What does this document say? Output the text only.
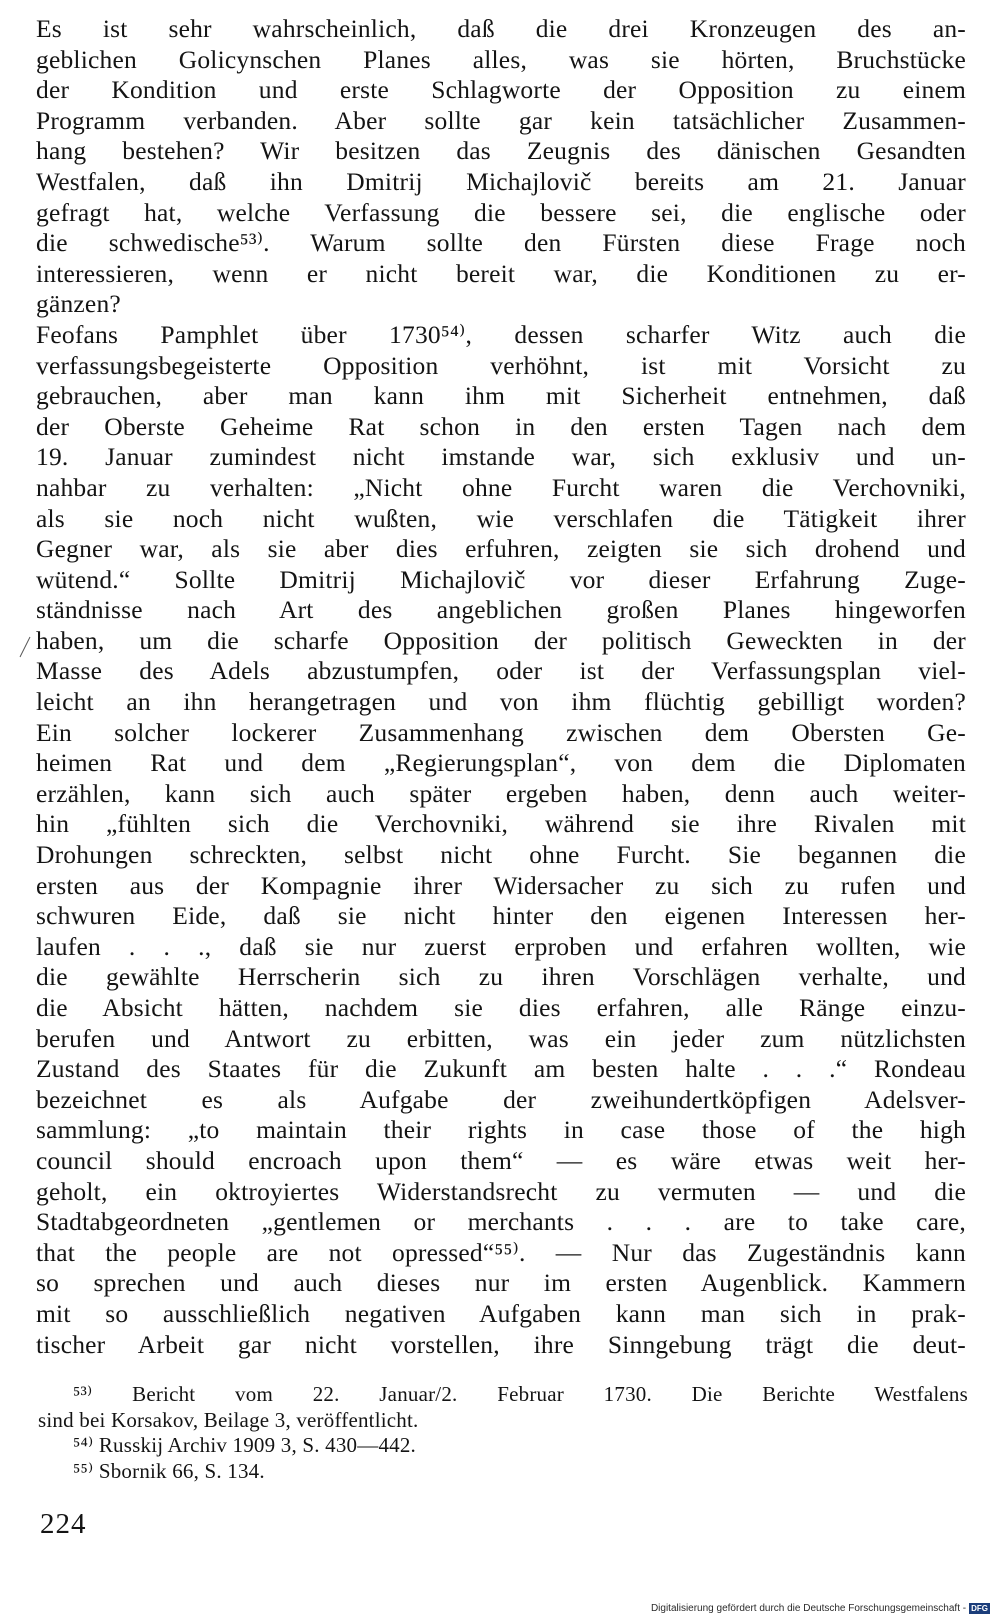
Es ist sehr wahrscheinlich, daß die drei Kronzeugen des an-
geblichen Golicynschen Planes alles, was sie hörten, Bruchstücke
der Kondition und erste Schlagworte der Opposition zu einem
Programm verbanden. Aber sollte gar kein tatsächlicher Zusammen-
hang bestehen? Wir besitzen das Zeugnis des dänischen Gesandten
Westfalen, daß ihn Dmitrij Michajlovič bereits am 21. Januar
gefragt hat, welche Verfassung die bessere sei, die englische oder
die schwedische⁵³⁾. Warum sollte den Fürsten diese Frage noch
interessieren, wenn er nicht bereit war, die Konditionen zu er-
gänzen?
Feofans Pamphlet über 1730⁵⁴⁾, dessen scharfer Witz auch die
verfassungsbegeisterte Opposition verhöhnt, ist mit Vorsicht zu
gebrauchen, aber man kann ihm mit Sicherheit entnehmen, daß
der Oberste Geheime Rat schon in den ersten Tagen nach dem
19. Januar zumindest nicht imstande war, sich exklusiv und un-
nahbar zu verhalten: „Nicht ohne Furcht waren die Verchovniki,
als sie noch nicht wußten, wie verschlafen die Tätigkeit ihrer
Gegner war, als sie aber dies erfuhren, zeigten sie sich drohend und
wütend.“ Sollte Dmitrij Michajlovič vor dieser Erfahrung Zuge-
ständnisse nach Art des angeblichen großen Planes hingeworfen
haben, um die scharfe Opposition der politisch Geweckten in der
Masse des Adels abzustumpfen, oder ist der Verfassungsplan viel-
leicht an ihn herangetragen und von ihm flüchtig gebilligt worden?
Ein solcher lockerer Zusammenhang zwischen dem Obersten Ge-
heimen Rat und dem „Regierungsplan“, von dem die Diplomaten
erzählen, kann sich auch später ergeben haben, denn auch weiter-
hin „fühlten sich die Verchovniki, während sie ihre Rivalen mit
Drohungen schreckten, selbst nicht ohne Furcht. Sie begannen die
ersten aus der Kompagnie ihrer Widersacher zu sich zu rufen und
schwuren Eide, daß sie nicht hinter den eigenen Interessen her-
laufen . . ., daß sie nur zuerst erproben und erfahren wollten, wie
die gewählte Herrscherin sich zu ihren Vorschlägen verhalte, und
die Absicht hätten, nachdem sie dies erfahren, alle Ränge einzu-
berufen und Antwort zu erbitten, was ein jeder zum nützlichsten
Zustand des Staates für die Zukunft am besten halte . . .“ Rondeau
bezeichnet es als Aufgabe der zweihundertköpfigen Adelsver-
sammlung: „to maintain their rights in case those of the high
council should encroach upon them“ — es wäre etwas weit her-
geholt, ein oktroyiertes Widerstandsrecht zu vermuten — und die
Stadtabgeordneten „gentlemen or merchants . . . are to take care,
that the people are not opressed“⁵⁵⁾. — Nur das Zugeständnis kann
so sprechen und auch dieses nur im ersten Augenblick. Kammern
mit so ausschließlich negativen Aufgaben kann man sich in prak-
tischer Arbeit gar nicht vorstellen, ihre Sinngebung trägt die deut-
⁵³⁾ Bericht vom 22. Januar/2. Februar 1730. Die Berichte Westfalens
sind bei Korsakov, Beilage 3, veröffentlicht.
⁵⁴⁾ Russkij Archiv 1909 3, S. 430—442.
⁵⁵⁾ Sbornik 66, S. 134.
224
Digitalisierung gefördert durch die Deutsche Forschungsgemeinschaft - DFG
